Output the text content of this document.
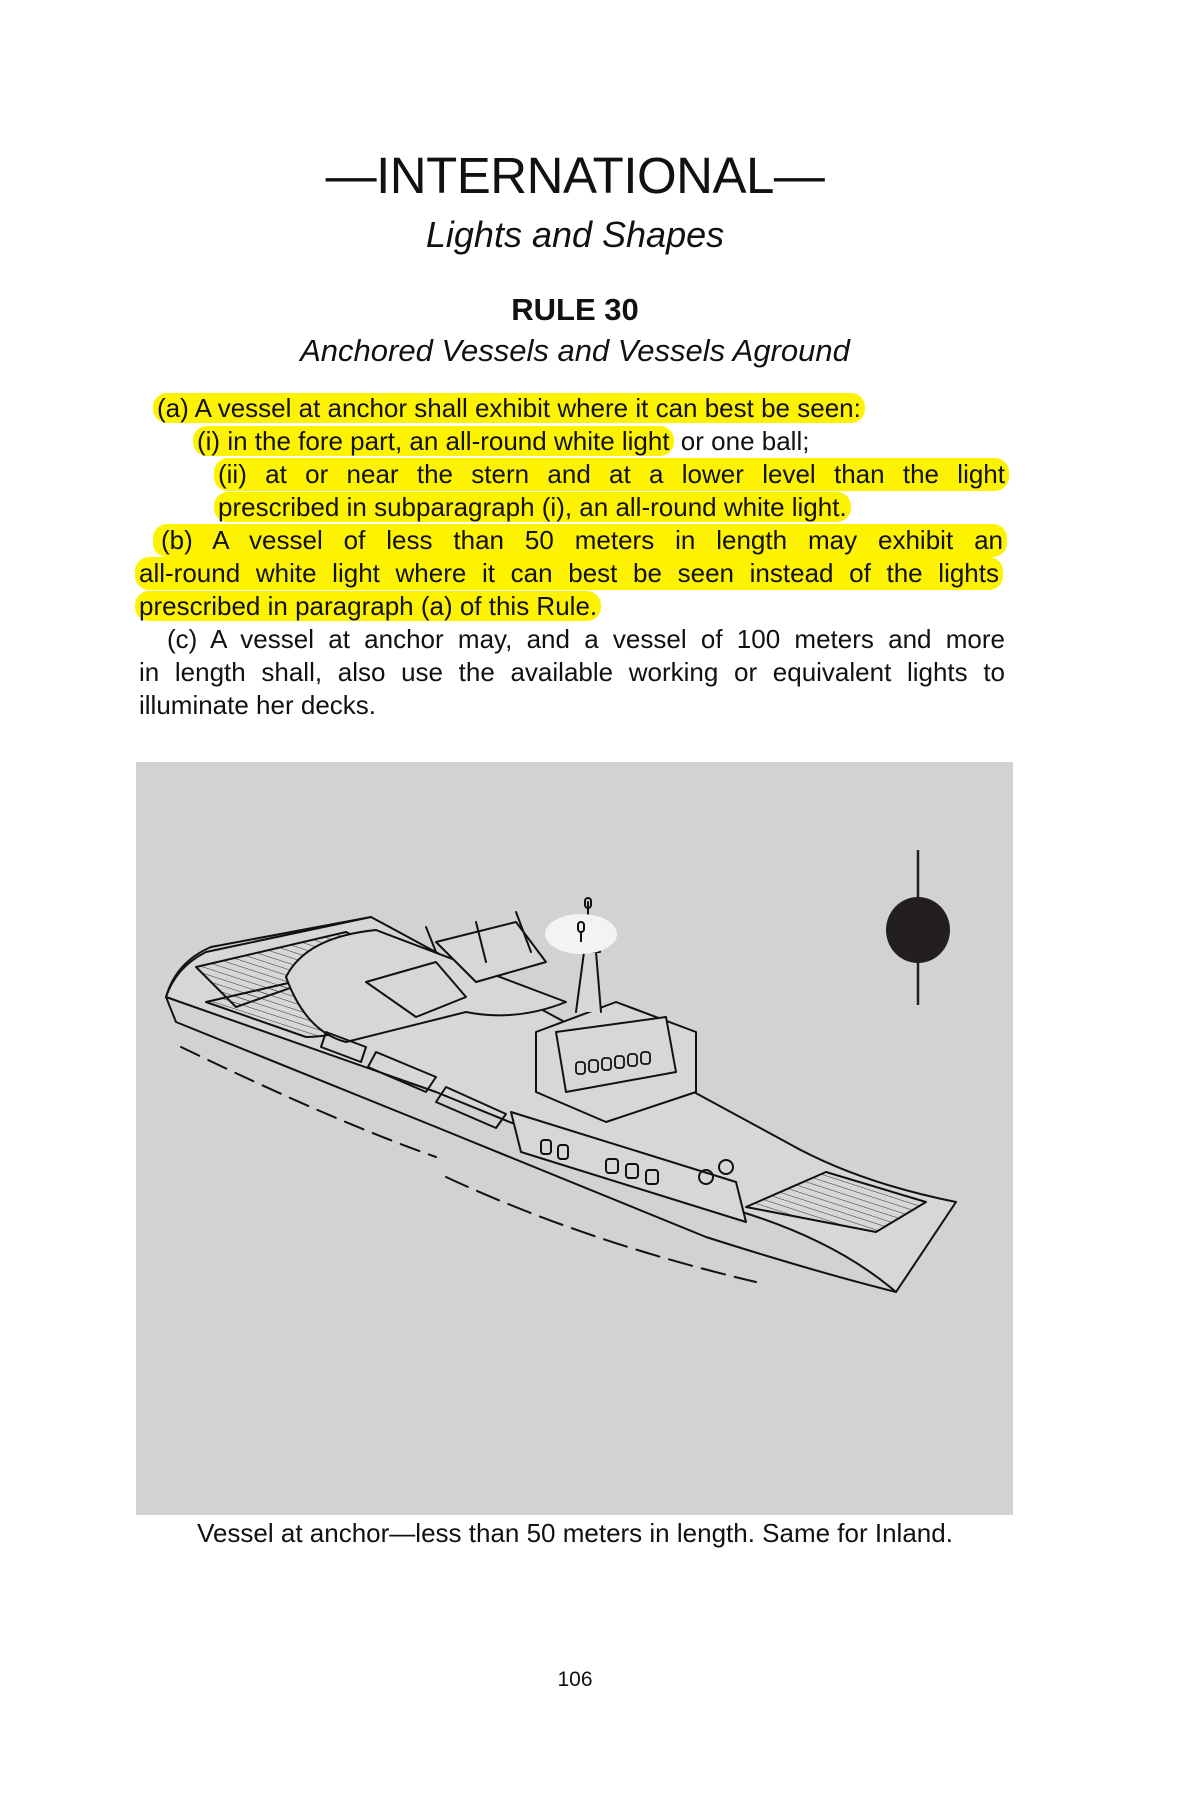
—INTERNATIONAL—
Lights and Shapes
RULE 30
Anchored Vessels and Vessels Aground
(a) A vessel at anchor shall exhibit where it can best be seen:
(i) in the fore part, an all-round white light or one ball;
(ii) at or near the stern and at a lower level than the light
prescribed in subparagraph (i), an all-round white light.
(b) A vessel of less than 50 meters in length may exhibit an
all-round white light where it can best be seen instead of the lights
prescribed in paragraph (a) of this Rule.
(c) A vessel at anchor may, and a vessel of 100 meters and more
in length shall, also use the available working or equivalent lights to
illuminate her decks.
Vessel at anchor—less than 50 meters in length. Same for Inland.
106
